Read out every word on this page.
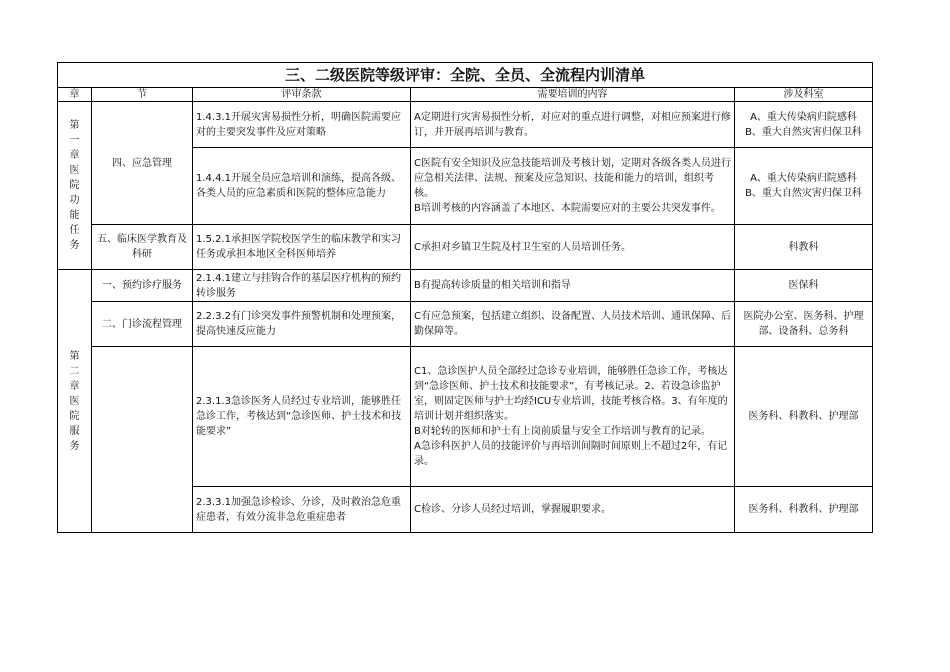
三、二级医院等级评审：全院、全员、全流程内训清单				
章	节	评审条款	需要培训的内容	涉及科室
第一章医院功能任务	四、应急管理	1.4.3.1开展灾害易损性分析，明确医院需要应对的主要突发事件及应对策略	A定期进行灾害易损性分析，对应对的重点进行调整，对相应预案进行修订，并开展再培训与教育。	A、重大传染病归院感科
B、重大自然灾害归保卫科

		1.4.4.1开展全员应急培训和演练，提高各级、各类人员的应急素质和医院的整体应急能力	C医院有安全知识及应急技能培训及考核计划，定期对各级各类人员进行应急相关法律、法规、预案及应急知识、技能和能力的培训，组织考核。
B培训考核的内容涵盖了本地区、本院需要应对的主要公共突发事件。	A、重大传染病归院感科
B、重大自然灾害归保卫科

	五、临床医学教育及科研	1.5.2.1承担医学院校医学生的临床教学和实习任务或承担本地区全科医师培养	C承担对乡镇卫生院及村卫生室的人员培训任务。	科教科

第二章医院服务	一、预约诊疗服务	2.1.4.1建立与挂钩合作的基层医疗机构的预约转诊服务	B有提高转诊质量的相关培训和指导	医保科

	二、门诊流程管理	2.2.3.2有门诊突发事件预警机制和处理预案，提高快速反应能力	C有应急预案，包括建立组织、设备配置、人员技术培训、通讯保障、后勤保障等。	医院办公室、医务科、护理部、设备科、总务科

		2.3.1.3急诊医务人员经过专业培训，能够胜任急诊工作，考核达到“急诊医师、护士技术和技能要求”	C1、急诊医护人员全部经过急诊专业培训，能够胜任急诊工作，考核达到“急诊医师、护士技术和技能要求”，有考核记录。2、若设急诊监护室，则固定医师与护士均经ICU专业培训，技能考核合格。3、有年度的培训计划并组织落实。
B对轮转的医师和护士有上岗前质量与安全工作培训与教育的记录。
A急诊科医护人员的技能评价与再培训间隔时间原则上不超过2年，有记录。	医务科、科教科、护理部

		2.3.3.1加强急诊检诊、分诊，及时救治急危重症患者，有效分流非急危重症患者	C检诊、分诊人员经过培训，掌握履职要求。	医务科、科教科、护理部
